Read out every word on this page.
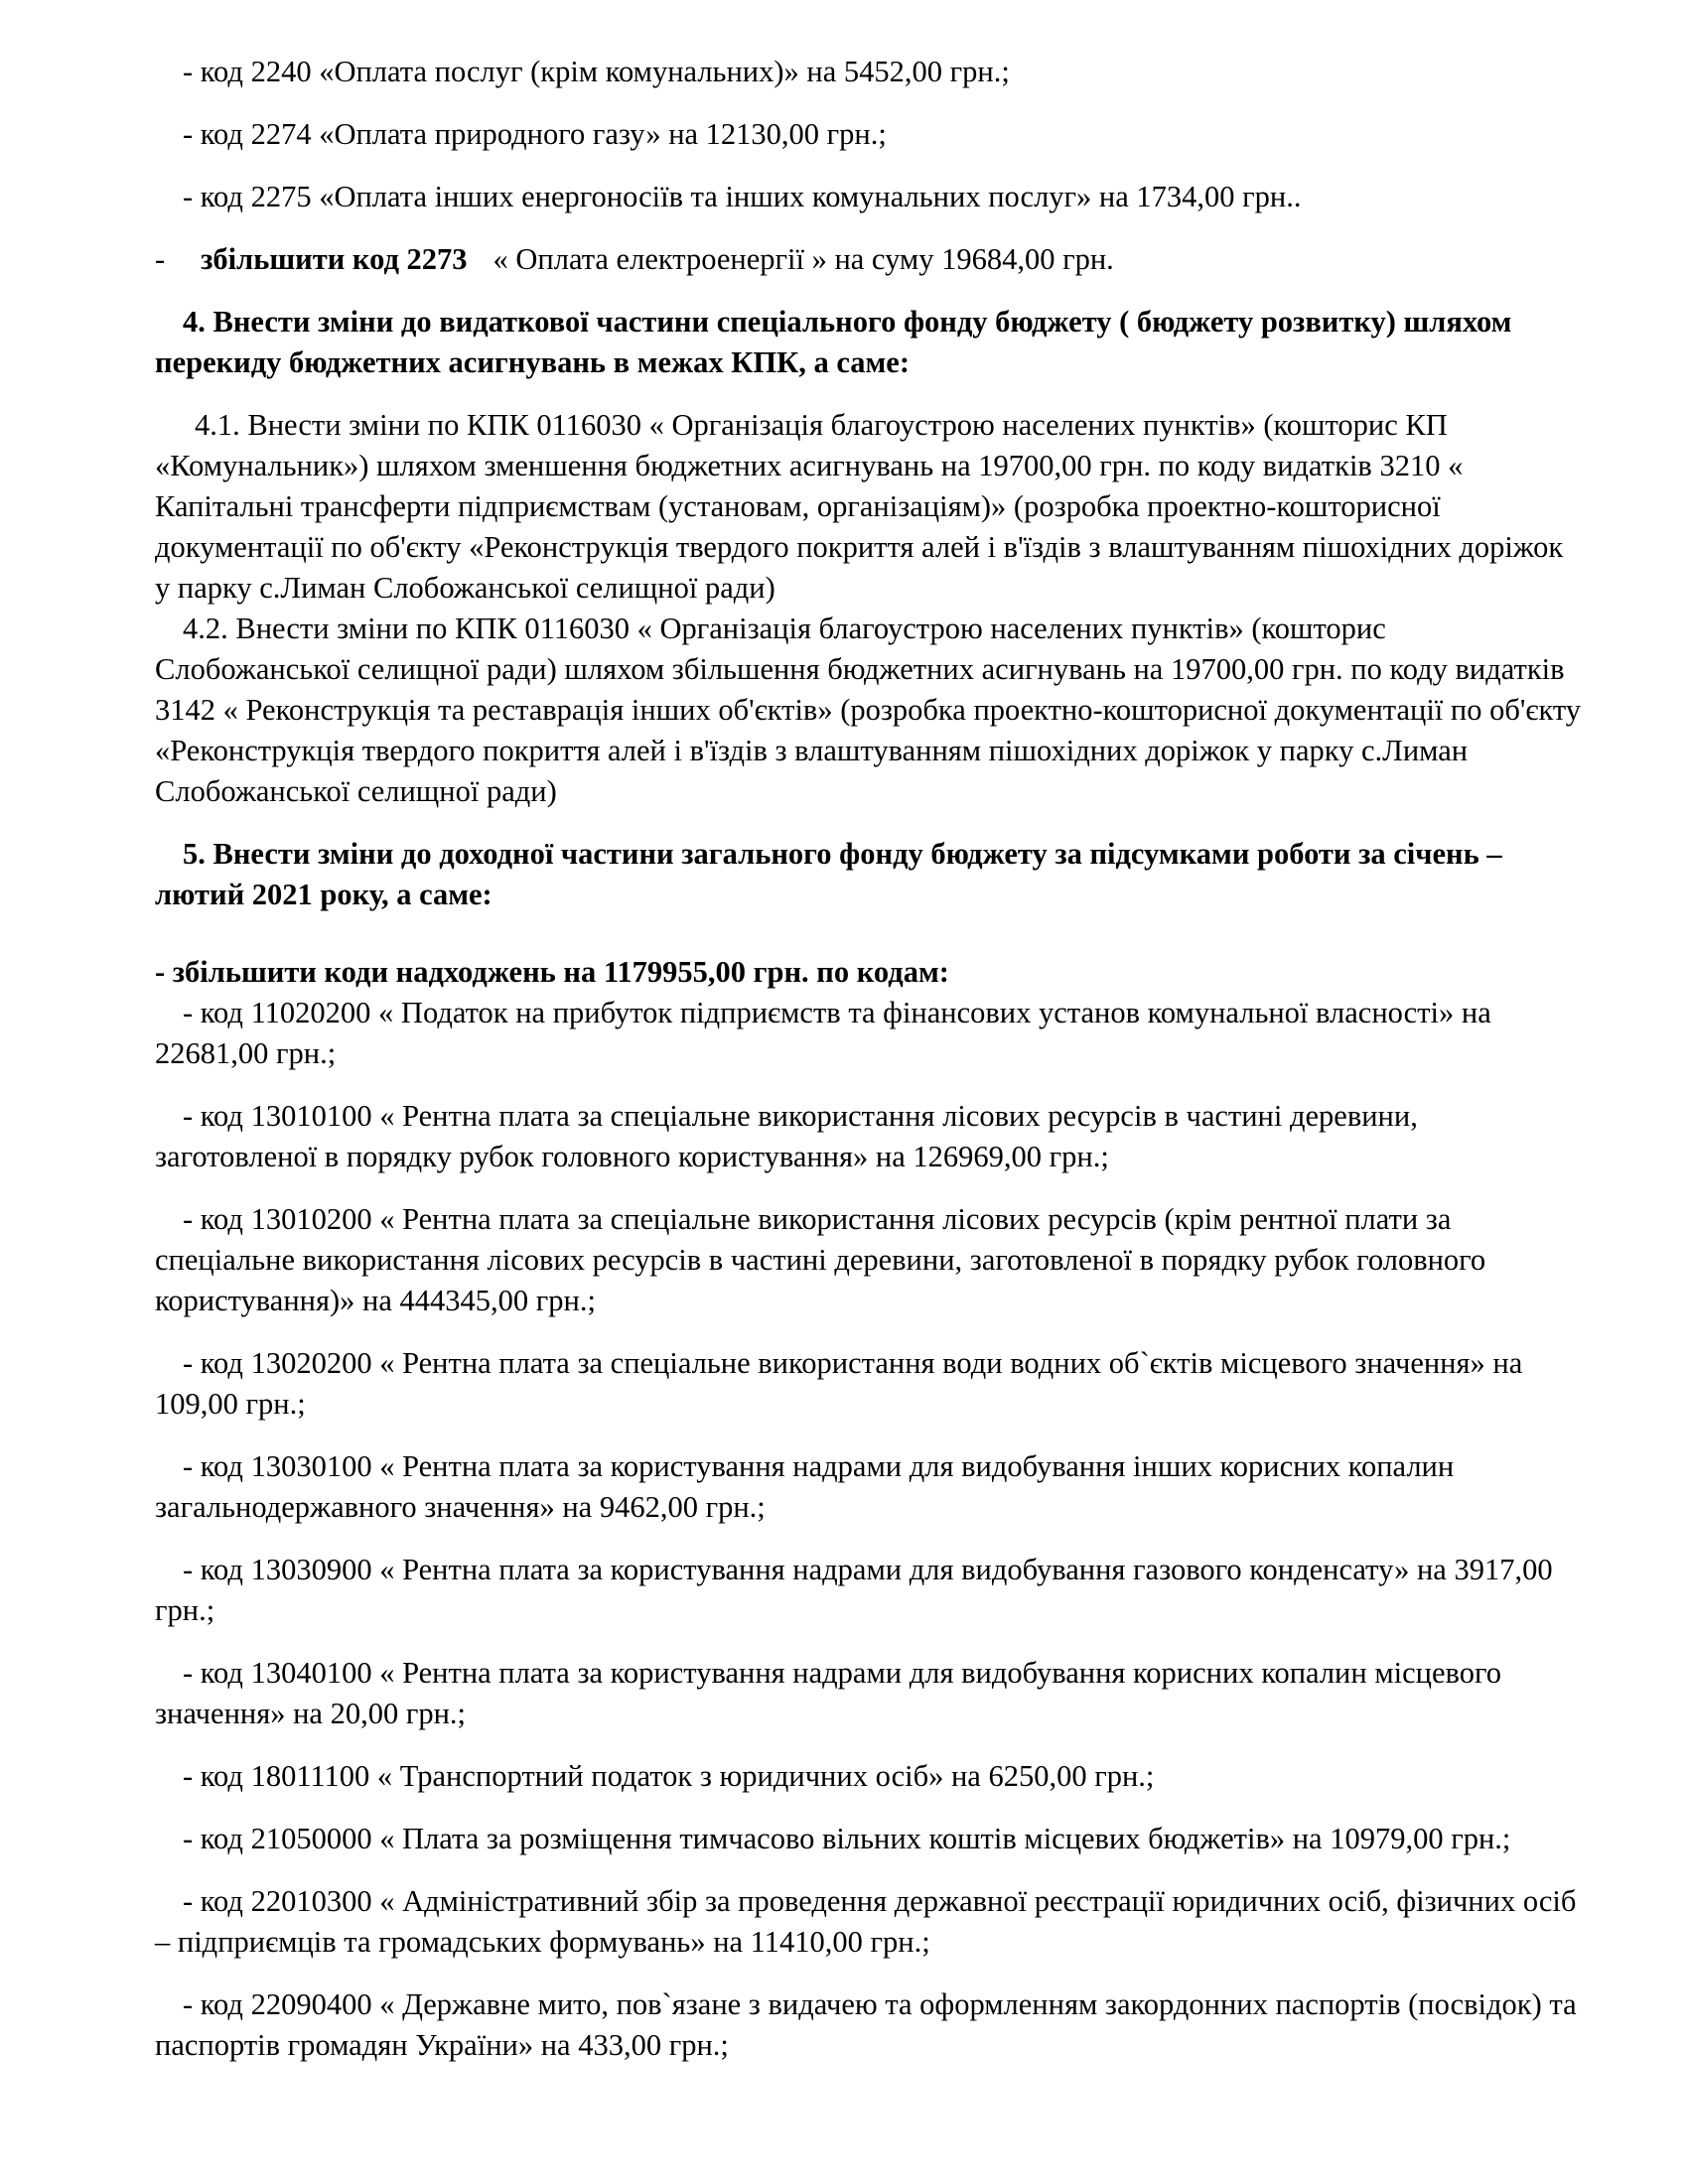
- код 2240 «Оплата послуг (крім комунальних)» на 5452,00 грн.;

- код 2274 «Оплата природного газу» на 12130,00 грн.;

- код 2275 «Оплата інших енергоносіїв та інших комунальних послуг» на 1734,00 грн..

- збільшити код 2273 « Оплата електроенергії » на суму 19684,00 грн.

4. Внести зміни до видаткової частини спеціального фонду бюджету ( бюджету розвитку) шляхом перекиду бюджетних асигнувань в межах КПК, а саме:

4.1. Внести зміни по КПК 0116030 « Організація благоустрою населених пунктів» (кошторис КП «Комунальник») шляхом зменшення бюджетних асигнувань на 19700,00 грн. по коду видатків 3210 « Капітальні трансферти підприємствам (установам, організаціям)» (розробка проектно-кошторисної документації по об'єкту «Реконструкція твердого покриття алей і в'їздів з влаштуванням пішохідних доріжок у парку с.Лиман Слобожанської селищної ради)

4.2. Внести зміни по КПК 0116030 « Організація благоустрою населених пунктів» (кошторис Слобожанської селищної ради) шляхом збільшення бюджетних асигнувань на 19700,00 грн. по коду видатків 3142 « Реконструкція та реставрація інших об'єктів» (розробка проектно-кошторисної документації по об'єкту «Реконструкція твердого покриття алей і в'їздів з влаштуванням пішохідних доріжок у парку с.Лиман Слобожанської селищної ради)

5. Внести зміни до доходної частини загального фонду бюджету за підсумками роботи за січень – лютий 2021 року, а саме:

- збільшити коди надходжень на 1179955,00 грн. по кодам:

- код 11020200 « Податок на прибуток підприємств та фінансових установ комунальної власності» на 22681,00 грн.;

- код 13010100 « Рентна плата за спеціальне використання лісових ресурсів в частині деревини, заготовленої в порядку рубок головного користування» на 126969,00 грн.;

- код 13010200 « Рентна плата за спеціальне використання лісових ресурсів (крім рентної плати за спеціальне використання лісових ресурсів в частині деревини, заготовленої в порядку рубок головного користування)» на 444345,00 грн.;

- код 13020200 « Рентна плата за спеціальне використання води водних об`єктів місцевого значення» на 109,00 грн.;

- код 13030100 « Рентна плата за користування надрами для видобування інших корисних копалин загальнодержавного значення» на 9462,00 грн.;

- код 13030900 « Рентна плата за користування надрами для видобування газового конденсату» на 3917,00 грн.;

- код 13040100 « Рентна плата за користування надрами для видобування корисних копалин місцевого значення» на 20,00 грн.;

- код 18011100 « Транспортний податок з юридичних осіб» на 6250,00 грн.;

- код 21050000 « Плата за розміщення тимчасово вільних коштів місцевих бюджетів» на 10979,00 грн.;

- код 22010300 « Адміністративний збір за проведення державної реєстрації юридичних осіб, фізичних осіб – підприємців та громадських формувань» на 11410,00 грн.;

- код 22090400 « Державне мито, пов`язане з видачею та оформленням закордонних паспортів (посвідок) та паспортів громадян України» на 433,00 грн.;
